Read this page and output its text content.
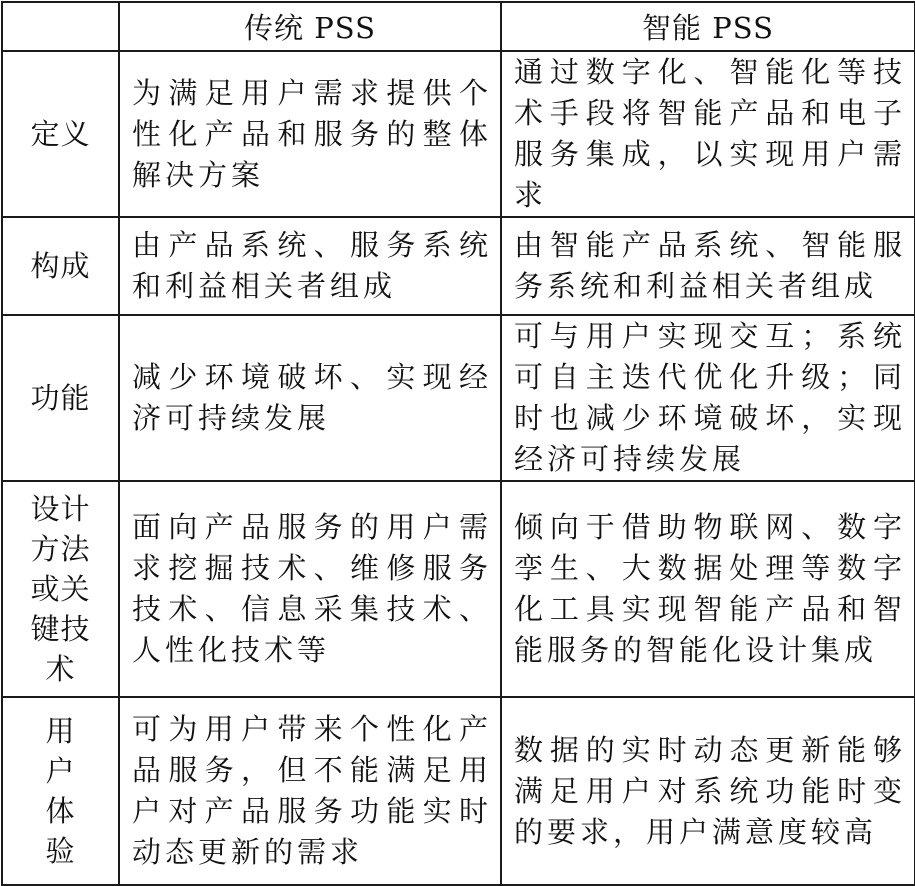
	传统 PSS	智能 PSS
定义	为满足用户需求提供个性化产品和服务的整体解决方案	通过数字化、智能化等技术手段将智能产品和电子服务集成，以实现用户需求

构成	由产品系统、服务系统和利益相关者组成	由智能产品系统、智能服务系统和利益相关者组成

功能	减少环境破坏、实现经济可持续发展	可与用户实现交互；系统可自主迭代优化升级；同时也减少环境破坏，实现经济可持续发展

设计方法或关键技术	面向产品服务的用户需求挖掘技术、维修服务技术、信息采集技术、人性化技术等	倾向于借助物联网、数字孪生、大数据处理等数字化工具实现智能产品和智能服务的智能化设计集成

用户体验	可为用户带来个性化产品服务，但不能满足用户对产品服务功能实时动态更新的需求	数据的实时动态更新能够满足用户对系统功能时变的要求，用户满意度较高
